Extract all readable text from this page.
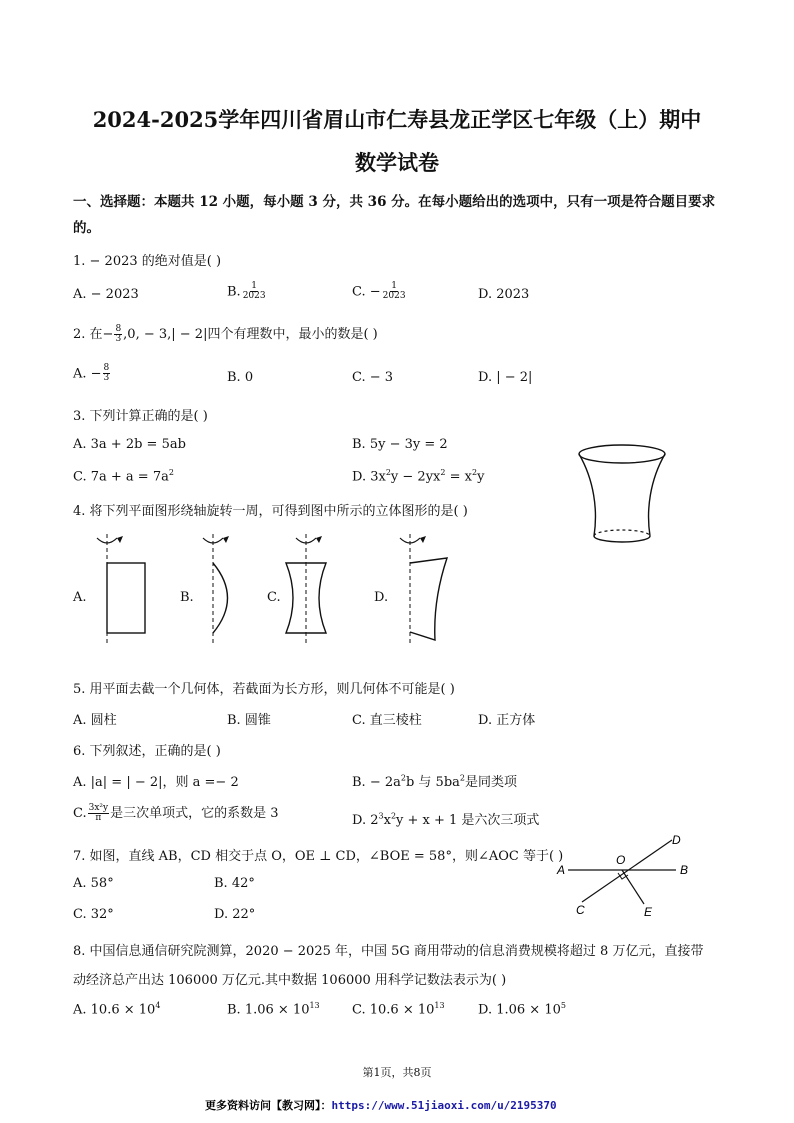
2024-2025学年四川省眉山市仁寿县龙正学区七年级（上）期中
数学试卷
一、选择题：本题共 12 小题，每小题 3 分，共 36 分。在每小题给出的选项中，只有一项是符合题目要求
的。
1. − 2023 的绝对值是( )
A. − 2023	B. $\frac{1}{2023}$	C. − $\frac{1}{2023}$	D. 2023
2. 在− $\frac{8}{3} ,0$, − 3,| − 2|四个有理数中，最小的数是( )
A. − $\frac{8}{3}$	B. 0	C. − 3	D. | − 2|
3. 下列计算正确的是( )
A. 3a + 2b = 5ab	B. 5y − 3y = 2
C. $7a + a = 7a^2$	D. $3x^2y - 2yx^2 = x^2y$
4. 将下列平面图形绕轴旋转一周，可得到图中所示的立体图形的是( )
A.	B.	C.	D.
5. 用平面去截一个几何体，若截面为长方形，则几何体不可能是( )
A. 圆柱	B. 圆锥	C. 直三棱柱	D. 正方体
6. 下列叙述，正确的是( )
A. |a| = | − 2|，则 a =− 2	B. − $2a^2b$ 与 $5ba^2$是同类项
C. $\frac{\text{3x²y}}{\pi}$ 是三次单项式，它的系数是 3	D. $2^3x^2y + x + 1$ 是六次三项式
7. 如图，直线 AB，CD 相交于点 O，OE ⊥ CD，∠BOE = 58°，则∠AOC 等于( )
A. 58°	B. 42°
C. 32°	D. 22°
A	B
C
D
E
O
8. 中国信息通信研究院测算，2020 − 2025 年，中国 5G 商用带动的信息消费规模将超过 8 万亿元，直接带
动经济总产出达 106000 万亿元.其中数据 106000 用科学记数法表示为( )
A. $10.6 \times 10^4$	B. $1.06 \times 10^{13}$ C. $10.6 \times 10^{13}$	D. $1.06 \times 10^5$
第1页，共8页
更多资料访问【教习网】：https://www.51jiaoxi.com/u/2195370
